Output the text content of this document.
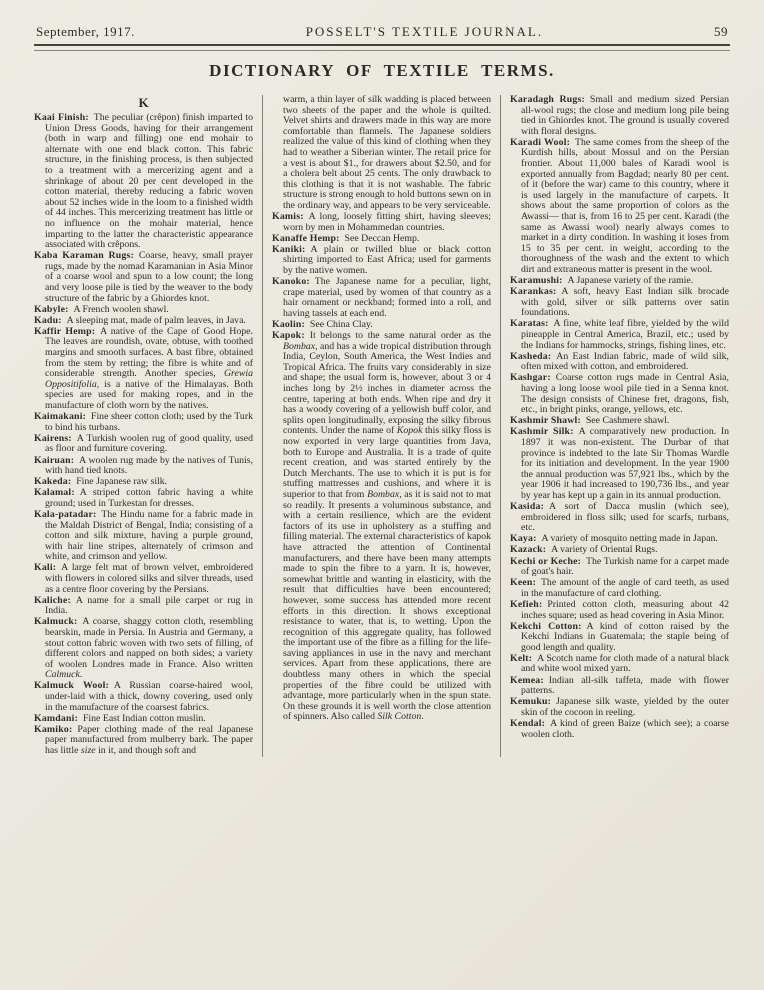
September, 1917.	POSSELT'S TEXTILE JOURNAL.	59
DICTIONARY OF TEXTILE TERMS.
K
Kaai Finish:  The peculiar (crêpon) finish imparted to Union Dress Goods, having for their arrangement (both in warp and filling) one end mohair to alternate with one end black cotton. This fabric structure, in the finishing process, is then subjected to a treatment with a mercerizing agent and a shrinkage of about 20 per cent developed in the cotton material, thereby reducing a fabric woven about 52 inches wide in the loom to a finished width of 44 inches. This mercerizing treatment has little or no influence on the mohair material, hence imparting to the latter the characteristic appearance associated with crêpons.
Kaba Karaman Rugs:  Coarse, heavy, small prayer rugs, made by the nomad Karamanian in Asia Minor of a coarse wool and spun to a low count; the long and very loose pile is tied by the weaver to the body structure of the fabric by a Ghiordes knot.
Kabyle:  A French woolen shawl.
Kadu:  A sleeping mat, made of palm leaves, in Java.
Kaffir Hemp:  A native of the Cape of Good Hope. The leaves are roundish, ovate, obtuse, with toothed margins and smooth surfaces. A bast fibre, obtained from the stem by retting; the fibre is white and of considerable strength. Another species, Grewia Oppositifolia, is a native of the Himalayas. Both species are used for making ropes, and in the manufacture of cloth worn by the natives.
Kaimakani:  Fine sheer cotton cloth; used by the Turk to bind his turbans.
Kairens:  A Turkish woolen rug of good quality, used as floor and furniture covering.
Kairuan:  A woolen rug made by the natives of Tunis, with hand tied knots.
Kakeda:  Fine Japanese raw silk.
Kalamal:  A striped cotton fabric having a white ground; used in Turkestan for dresses.
Kala-patadar:  The Hindu name for a fabric made in the Maldah District of Bengal, India; consisting of a cotton and silk mixture, having a purple ground, with hair line stripes, alternately of crimson and white, and crimson and yellow.
Kali:  A large felt mat of brown velvet, embroidered with flowers in colored silks and silver threads, used as a centre floor covering by the Persians.
Kaliche:  A name for a small pile carpet or rug in India.
Kalmuck:  A coarse, shaggy cotton cloth, resembling bearskin, made in Persia. In Austria and Germany, a stout cotton fabric woven with two sets of filling, of different colors and napped on both sides; a variety of woolen Londres made in France. Also written Calmuck.
Kalmuck Wool:  A Russian coarse-haired wool, under-laid with a thick, downy covering, used only in the manufacture of the coarsest fabrics.
Kamdani:  Fine East Indian cotton muslin.
Kamiko:  Paper clothing made of the real Japanese paper manufactured from mulberry bark. The paper has little size in it, and though soft and
warm, a thin layer of silk wadding is placed between two sheets of the paper and the whole is quilted. Velvet shirts and drawers made in this way are more comfortable than flannels. The Japanese soldiers realized the value of this kind of clothing when they had to weather a Siberian winter. The retail price for a vest is about $1., for drawers about $2.50, and for a cholera belt about 25 cents. The only drawback to this clothing is that it is not washable. The fabric structure is strong enough to hold buttons sewn on in the ordinary way, and appears to be very serviceable.
Kamis:  A long, loosely fitting shirt, having sleeves; worn by men in Mohammedan countries.
Kanaffe Hemp:  See Deccan Hemp.
Kaniki:  A plain or twilled blue or black cotton shirting imported to East Africa; used for garments by the native women.
Kanoko:  The Japanese name for a peculiar, light, crape material, used by women of that country as a hair ornament or neckband; formed into a roll, and having tassels at each end.
Kaolin:  See China Clay.
Kapok:  It belongs to the same natural order as the Bombax, and has a wide tropical distribution through India, Ceylon, South America, the West Indies and Tropical Africa. The fruits vary considerably in size and shape; the usual form is, however, about 3 or 4 inches long by 2½ inches in diameter across the centre, tapering at both ends. When ripe and dry it has a woody covering of a yellowish buff color, and splits open longitudinally, exposing the silky fibrous contents. Under the name of Kopok this silky floss is now exported in very large quantities from Java, both to Europe and Australia. It is a trade of quite recent creation, and was started entirely by the Dutch Merchants. The use to which it is put is for stuffing mattresses and cushions, and where it is superior to that from Bombax, as it is said not to mat so readily. It presents a voluminous substance, and with a certain resilience, which are the evident factors of its use in upholstery as a stuffing and filling material. The external characteristics of kapok have attracted the attention of Continental manufacturers, and there have been many attempts made to spin the fibre to a yarn. It is, however, somewhat brittle and wanting in elasticity, with the result that difficulties have been encountered; however, some success has attended more recent efforts in this direction. It shows exceptional resistance to water, that is, to wetting. Upon the recognition of this aggregate quality, has followed the important use of the fibre as a filling for the life-saving appliances in use in the navy and merchant services. Apart from these applications, there are doubtless many others in which the special properties of the fibre could be utilized with advantage, more particularly when in the spun state. On these grounds it is well worth the close attention of spinners. Also called Silk Cotton.
Karadagh Rugs:  Small and medium sized Persian all-wool rugs; the close and medium long pile being tied in Ghiordes knot. The ground is usually covered with floral designs.
Karadi Wool:  The same comes from the sheep of the Kurdish hills, about Mossul and on the Persian frontier. About 11,000 bales of Karadi wool is exported annually from Bagdad; nearly 80 per cent. of it (before the war) came to this country, where it is used largely in the manufacture of carpets. It shows about the same proportion of colors as the Awassi— that is, from 16 to 25 per cent. Karadi (the same as Awassi wool) nearly always comes to market in a dirty condition. In washing it loses from 15 to 35 per cent. in weight, according to the thoroughness of the wash and the extent to which dirt and extraneous matter is present in the wool.
Karamushi:  A Japanese variety of the ramie.
Karankas:  A soft, heavy East Indian silk brocade with gold, silver or silk patterns over satin foundations.
Karatas:  A fine, white leaf fibre, yielded by the wild pineapple in Central America, Brazil, etc.; used by the Indians for hammocks, strings, fishing lines, etc.
Kasheda:  An East Indian fabric, made of wild silk, often mixed with cotton, and embroidered.
Kashgar:  Coarse cotton rugs made in Central Asia, having a long loose wool pile tied in a Senna knot. The design consists of Chinese fret, dragons, fish, etc., in bright pinks, orange, yellows, etc.
Kashmir Shawl:  See Cashmere shawl.
Kashmir Silk:  A comparatively new production. In 1897 it was non-existent. The Durbar of that province is indebted to the late Sir Thomas Wardle for its initiation and development. In the year 1900 the annual production was 57,921 lbs., which by the year 1906 it had increased to 190,736 lbs., and year by year has kept up a gain in its annual production.
Kasida:  A sort of Dacca muslin (which see), embroidered in floss silk; used for scarfs, turbans, etc.
Kaya:  A variety of mosquito netting made in Japan.
Kazack:  A variety of Oriental Rugs.
Kechi or Keche:  The Turkish name for a carpet made of goat's hair.
Keen:  The amount of the angle of card teeth, as used in the manufacture of card clothing.
Kefieh:  Printed cotton cloth, measuring about 42 inches square; used as head covering in Asia Minor.
Kekchi Cotton:  A kind of cotton raised by the Kekchi Indians in Guatemala; the staple being of good length and quality.
Kelt:  A Scotch name for cloth made of a natural black and white wool mixed yarn.
Kemea:  Indian all-silk taffeta, made with flower patterns.
Kemuku:  Japanese silk waste, yielded by the outer skin of the cocoon in reeling.
Kendal:  A kind of green Baize (which see); a coarse woolen cloth.
